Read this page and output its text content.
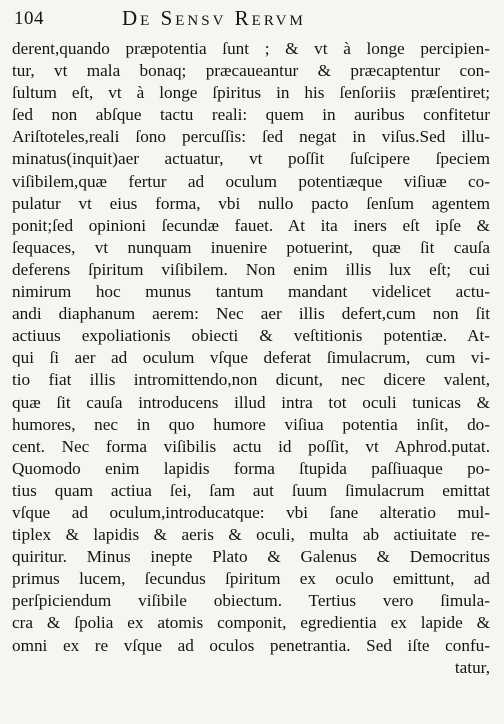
104	De Sensv Rervm
derent,quando præpotentia ſunt ; & vt à longe percipien-
tur, vt mala bonaq; præcaueantur & præcaptentur con-
ſultum eſt, vt à longe ſpiritus in his ſenſoriis præſentiret;
ſed non abſque tactu reali: quem in auribus confitetur
Ariſtoteles,reali ſono percuſſis: ſed negat in viſus.Sed illu-
minatus(inquit)aer actuatur, vt poſſit ſuſcipere ſpeciem
viſibilem,quæ fertur ad oculum potentiæque viſiuæ co-
pulatur vt eius forma, vbi nullo pacto ſenſum agentem
ponit;ſed opinioni ſecundæ fauet. At ita iners eſt ipſe &
ſequaces, vt nunquam inuenire potuerint, quæ ſit cauſa
deferens ſpiritum viſibilem. Non enim illis lux eſt; cui
nimirum hoc munus tantum mandant videlicet actu-
andi diaphanum aerem: Nec aer illis defert,cum non ſit
actiuus expoliationis obiecti & veſtitionis potentiæ. At-
qui ſi aer ad oculum vſque deferat ſimulacrum, cum vi-
tio fiat illis intromittendo,non dicunt, nec dicere valent,
quæ ſit cauſa introducens illud intra tot oculi tunicas &
humores, nec in quo humore viſiua potentia inſit, do-
cent. Nec forma viſibilis actu id poſſit, vt Aphrod.putat.
Quomodo enim lapidis forma ſtupida paſſiuaque po-
tius quam actiua ſei, ſam aut ſuum ſimulacrum emittat
vſque ad oculum,introducatque: vbi ſane alteratio mul-
tiplex & lapidis & aeris & oculi, multa ab actiuitate re-
quiritur. Minus inepte Plato & Galenus & Democritus
primus lucem, ſecundus ſpiritum ex oculo emittunt, ad
perſpiciendum viſibile obiectum. Tertius vero ſimula-
cra & ſpolia ex atomis componit, egredientia ex lapide &
omni ex re vſque ad oculos penetrantia. Sed iſte confu-
tatur,
